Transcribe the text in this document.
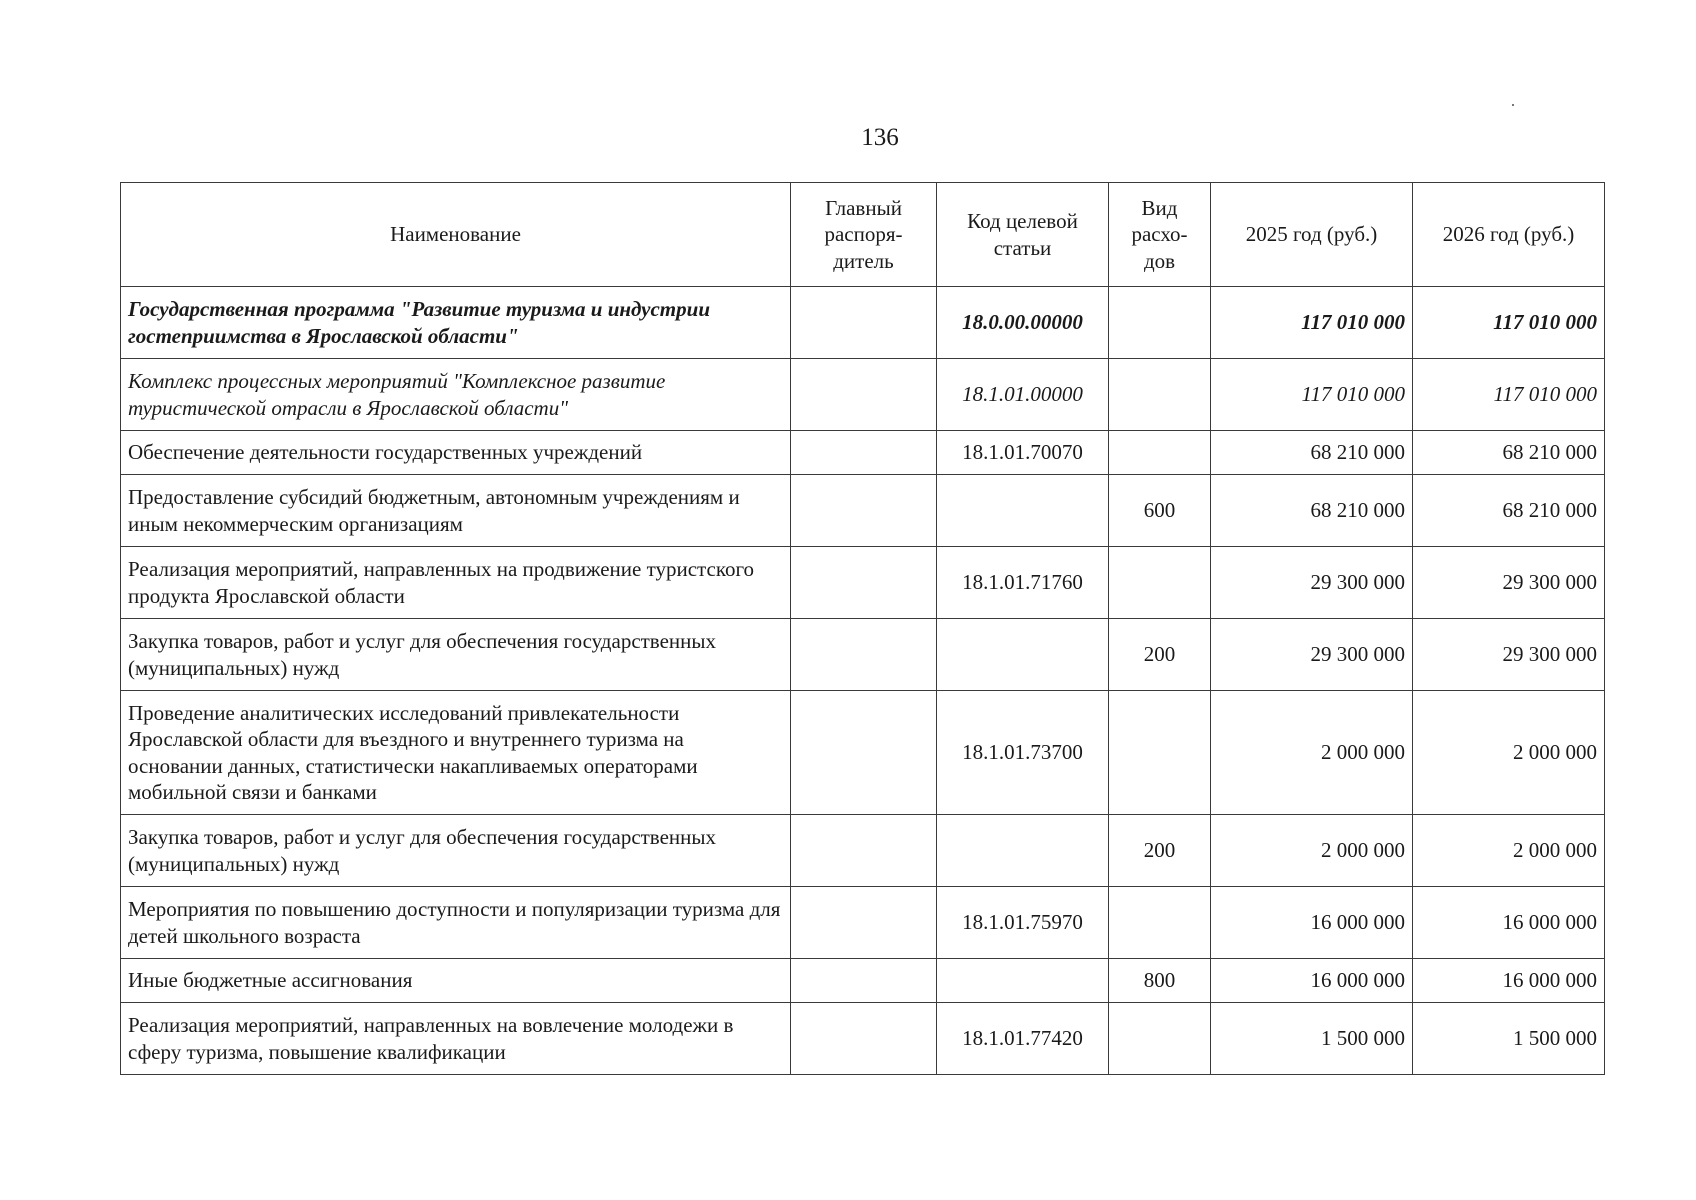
136
Наименование	Главный распоря-дитель	Код целевой статьи	Вид расхо-дов	2025 год (руб.)	2026 год (руб.)
Государственная программа "Развитие туризма и индустрии гостеприимства в Ярославской области"		18.0.00.00000		117 010 000	117 010 000
Комплекс процессных мероприятий "Комплексное развитие туристической отрасли в Ярославской области"		18.1.01.00000		117 010 000	117 010 000
Обеспечение деятельности государственных учреждений		18.1.01.70070		68 210 000	68 210 000
Предоставление субсидий бюджетным, автономным учреждениям и иным некоммерческим организациям			600	68 210 000	68 210 000
Реализация мероприятий, направленных на продвижение туристского продукта Ярославской области		18.1.01.71760		29 300 000	29 300 000
Закупка товаров, работ и услуг для обеспечения государственных (муниципальных) нужд			200	29 300 000	29 300 000
Проведение аналитических исследований привлекательности Ярославской области для въездного и внутреннего туризма на основании данных, статистически накапливаемых операторами мобильной связи и банками		18.1.01.73700		2 000 000	2 000 000
Закупка товаров, работ и услуг для обеспечения государственных (муниципальных) нужд			200	2 000 000	2 000 000
Мероприятия по повышению доступности и популяризации туризма для детей школьного возраста		18.1.01.75970		16 000 000	16 000 000
Иные бюджетные ассигнования			800	16 000 000	16 000 000
Реализация мероприятий, направленных на вовлечение молодежи в сферу туризма, повышение квалификации		18.1.01.77420		1 500 000	1 500 000
